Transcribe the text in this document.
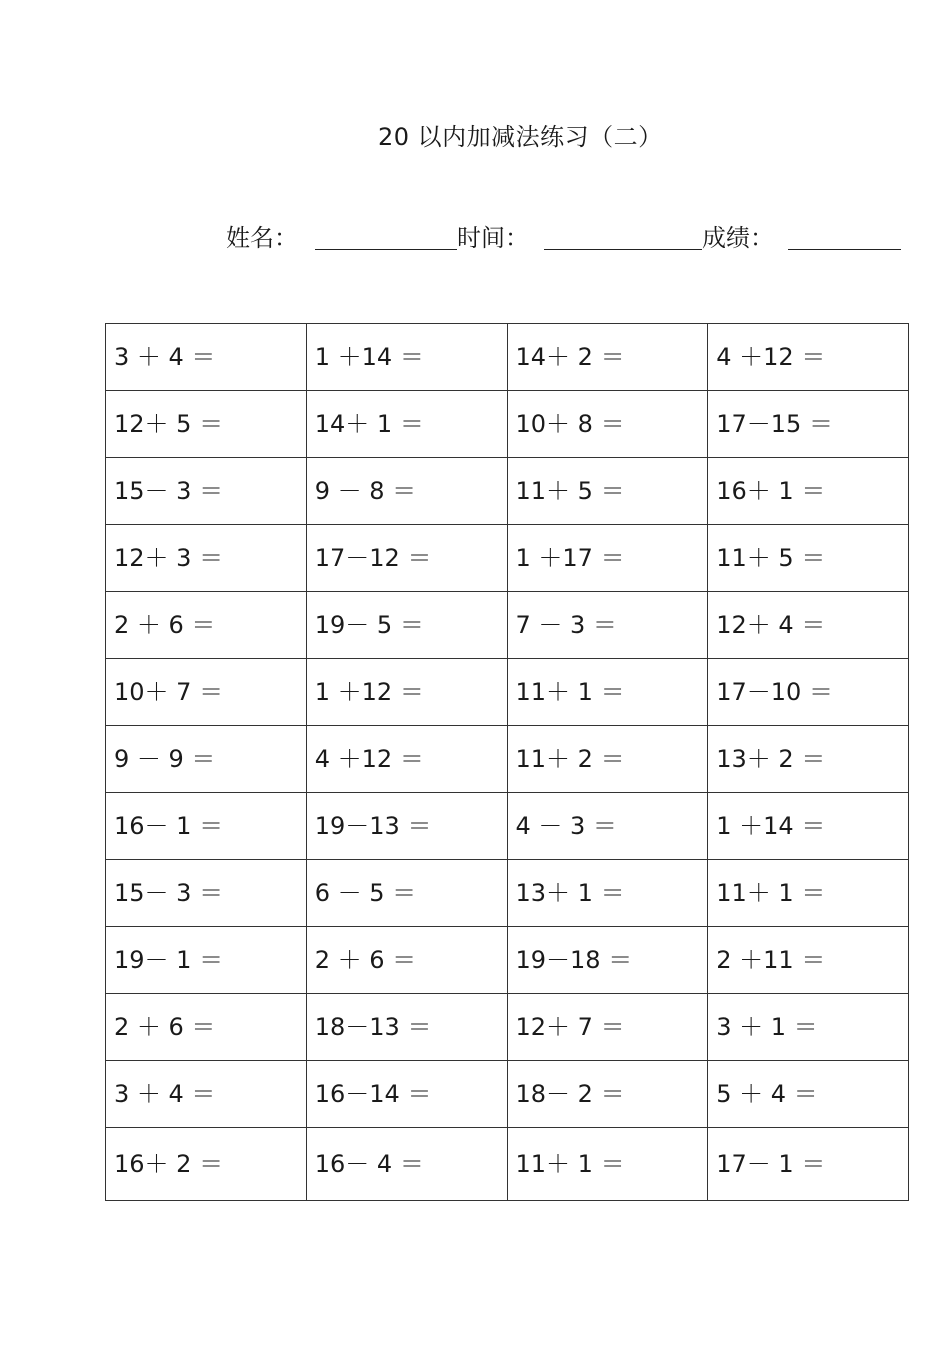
20 以内加减法练习（二）
姓名：	时间：	成绩：
3 ＋ 4 ＝	1 ＋14 ＝	14＋ 2 ＝	4 ＋12 ＝
12＋ 5 ＝	14＋ 1 ＝	10＋ 8 ＝	17－15 ＝
15－ 3 ＝	9 － 8 ＝	11＋ 5 ＝	16＋ 1 ＝
12＋ 3 ＝	17－12 ＝	1 ＋17 ＝	11＋ 5 ＝
2 ＋ 6 ＝	19－ 5 ＝	7 － 3 ＝	12＋ 4 ＝
10＋ 7 ＝	1 ＋12 ＝	11＋ 1 ＝	17－10 ＝
9 － 9 ＝	4 ＋12 ＝	11＋ 2 ＝	13＋ 2 ＝
16－ 1 ＝	19－13 ＝	4 － 3 ＝	1 ＋14 ＝
15－ 3 ＝	6 － 5 ＝	13＋ 1 ＝	11＋ 1 ＝
19－ 1 ＝	2 ＋ 6 ＝	19－18 ＝	2 ＋11 ＝
2 ＋ 6 ＝	18－13 ＝	12＋ 7 ＝	3 ＋ 1 ＝
3 ＋ 4 ＝	16－14 ＝	18－ 2 ＝	5 ＋ 4 ＝
16＋ 2 ＝	16－ 4 ＝	11＋ 1 ＝	17－ 1 ＝
